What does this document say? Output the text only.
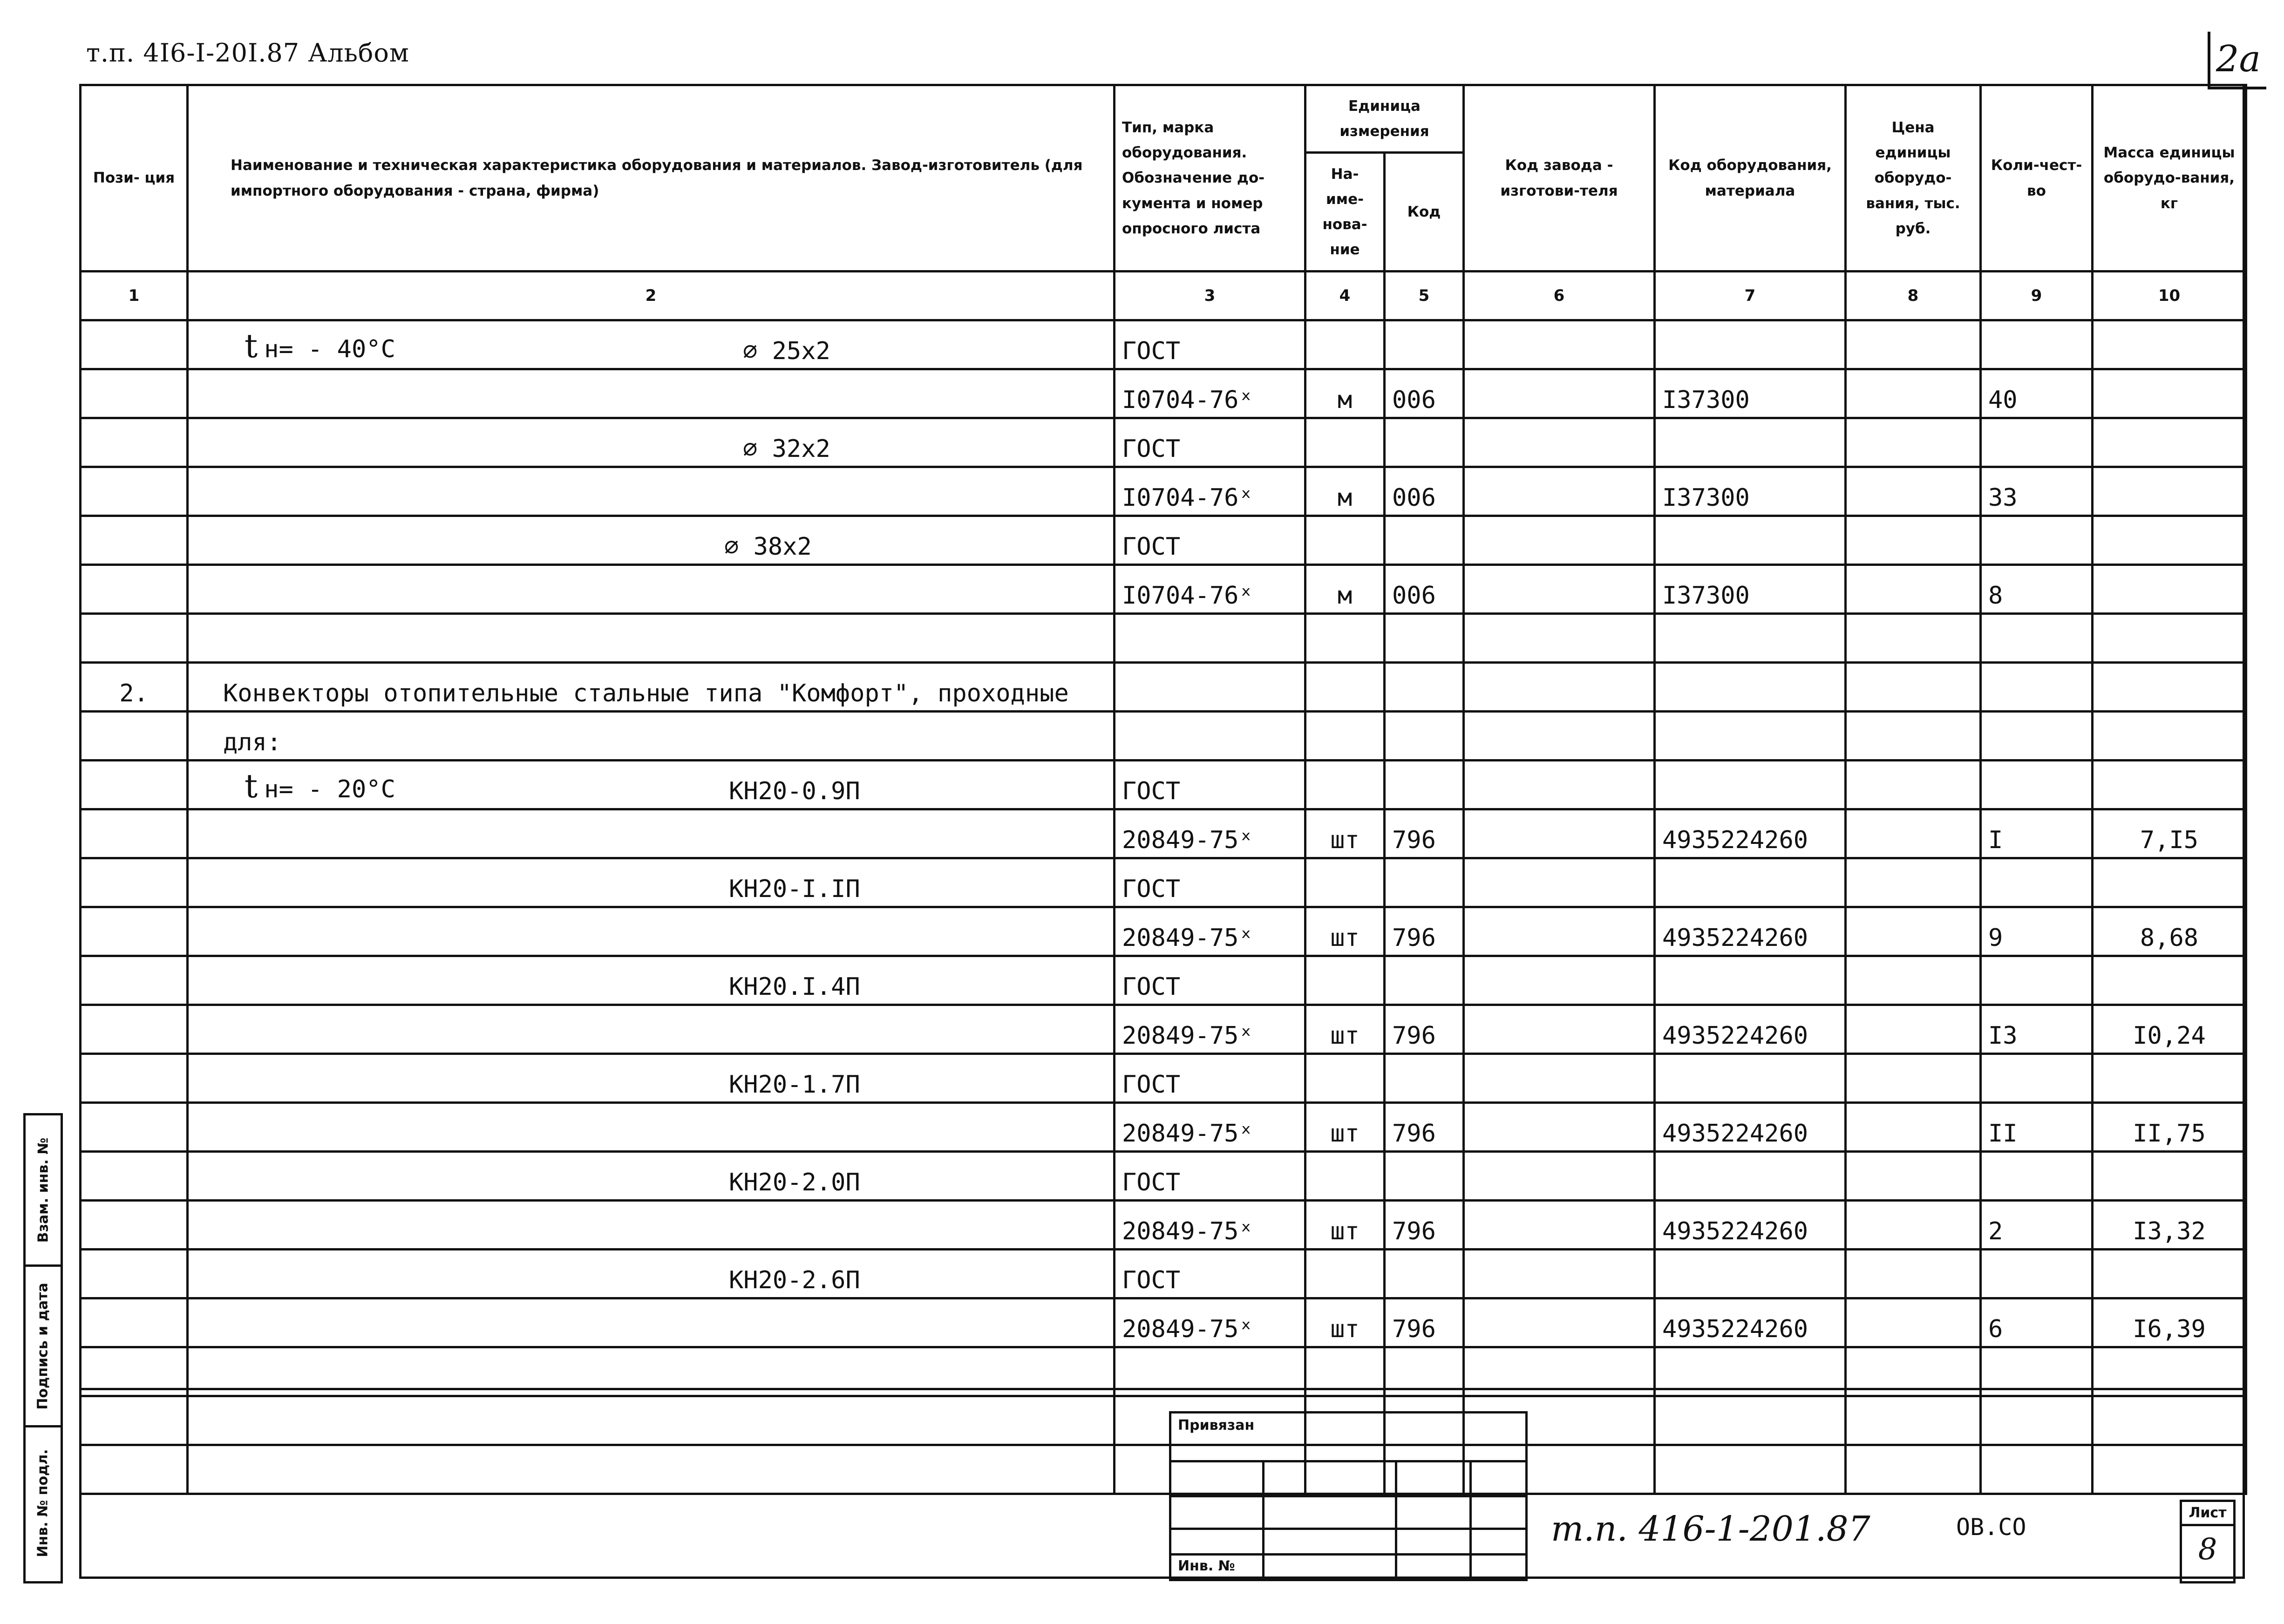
т.п. 4I6-I-20I.87 Альбом	2а
Пози- ция	Наименование и техническая характеристика оборудования и материалов. Завод-изготовитель (для импортного оборудования - страна, фирма)	Тип, марка оборудования. Обозначение до-кумента и номер опросного листа	Единица измерения		Код завода - изготови-теля	Код оборудования, материала	Цена единицы оборудо-вания, тыс. руб.	Коли-чест-во	Масса единицы оборудо-вания, кг
			На-име-нова-ние	Код					
1	2	3	4	5	6	7	8	9	10

	t н= - 40°С ⌀ 25х2	ГОСТ							
		I0704-76ˣ	м	006		I37300		40	

	⌀ 32х2	ГОСТ							
		I0704-76ˣ	м	006		I37300		33	

	⌀ 38х2	ГОСТ							
		I0704-76ˣ	м	006		I37300		8	

2.	Конвекторы отопительные стальные типа "Комфорт", проходные								
	для:								

	t н= - 20°С КН20-0.9П	ГОСТ							
		20849-75ˣ	шт	796		4935224260		I	7,I5

	КН20-I.IП	ГОСТ							
		20849-75ˣ	шт	796		4935224260		9	8,68

	КН20.I.4П	ГОСТ							
		20849-75ˣ	шт	796		4935224260		I3	I0,24

	КН20-1.7П	ГОСТ							
		20849-75ˣ	шт	796		4935224260		II	II,75

	КН20-2.0П	ГОСТ							
		20849-75ˣ	шт	796		4935224260		2	I3,32

	КН20-2.6П	ГОСТ							
		20849-75ˣ	шт	796		4935224260		6	I6,39

Привязан
Инв. №
т.п. 416-1-201.87	ОВ.СО
Лист
8
Взам. инв. №
Подпись и дата
Инв. № подл.
